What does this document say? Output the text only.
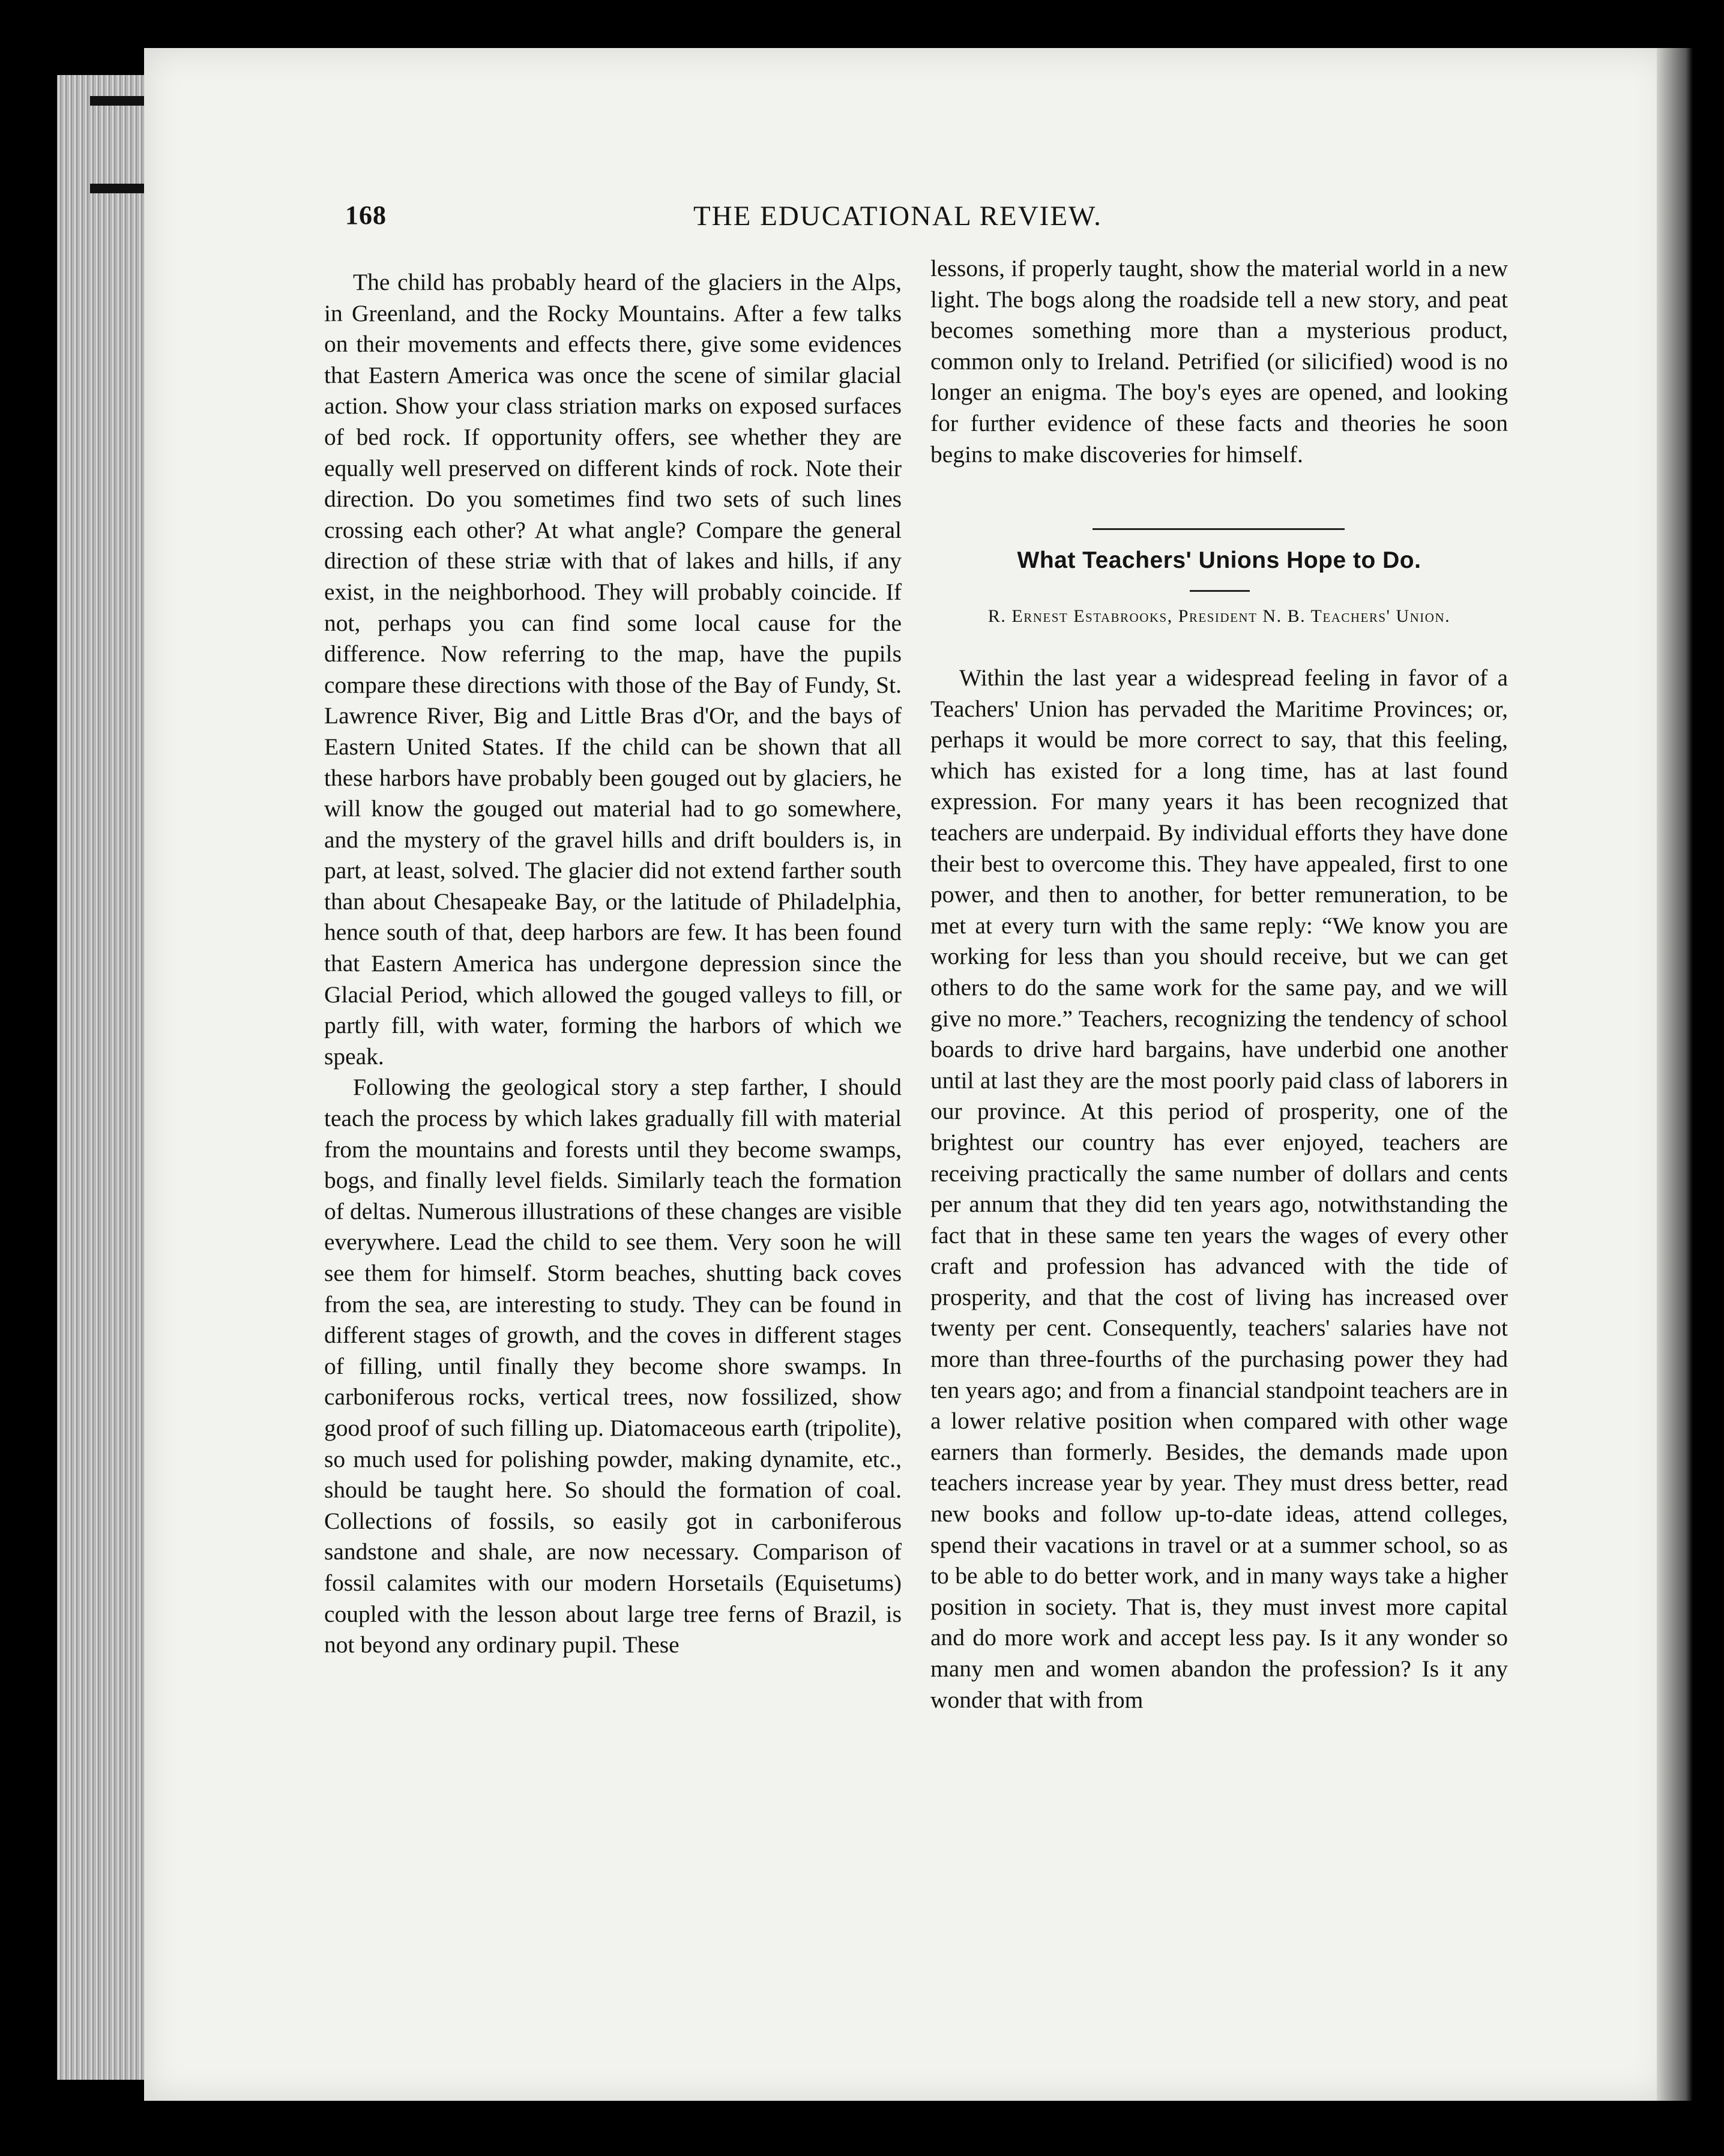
168	THE EDUCATIONAL REVIEW.

The child has probably heard of the glaciers in the Alps, in Greenland, and the Rocky Mountains. After a few talks on their movements and effects there, give some evidences that Eastern America was once the scene of similar glacial action. Show your class striation marks on exposed surfaces of bed rock. If opportunity offers, see whether they are equally well preserved on different kinds of rock. Note their direction. Do you sometimes find two sets of such lines crossing each other? At what angle? Compare the general direction of these striæ with that of lakes and hills, if any exist, in the neighborhood. They will probably coincide. If not, perhaps you can find some local cause for the difference. Now referring to the map, have the pupils compare these directions with those of the Bay of Fundy, St. Lawrence River, Big and Little Bras d'Or, and the bays of Eastern United States. If the child can be shown that all these harbors have probably been gouged out by glaciers, he will know the gouged out material had to go somewhere, and the mystery of the gravel hills and drift boulders is, in part, at least, solved. The glacier did not extend farther south than about Chesapeake Bay, or the latitude of Philadelphia, hence south of that, deep harbors are few. It has been found that Eastern America has undergone depression since the Glacial Period, which allowed the gouged valleys to fill, or partly fill, with water, forming the harbors of which we speak.

Following the geological story a step farther, I should teach the process by which lakes gradually fill with material from the mountains and forests until they become swamps, bogs, and finally level fields. Similarly teach the formation of deltas. Numerous illustrations of these changes are visible everywhere. Lead the child to see them. Very soon he will see them for himself. Storm beaches, shutting back coves from the sea, are interesting to study. They can be found in different stages of growth, and the coves in different stages of filling, until finally they become shore swamps. In carboniferous rocks, vertical trees, now fossilized, show good proof of such filling up. Diatomaceous earth (tripolite), so much used for polishing powder, making dynamite, etc., should be taught here. So should the formation of coal. Collections of fossils, so easily got in carboniferous sandstone and shale, are now necessary. Comparison of fossil calamites with our modern Horsetails (Equisetums) coupled with the lesson about large tree ferns of Brazil, is not beyond any ordinary pupil. These

lessons, if properly taught, show the material world in a new light. The bogs along the roadside tell a new story, and peat becomes something more than a mysterious product, common only to Ireland. Petrified (or silicified) wood is no longer an enigma. The boy's eyes are opened, and looking for further evidence of these facts and theories he soon begins to make discoveries for himself.

What Teachers' Unions Hope to Do.
R. Ernest Estabrooks, President N. B. Teachers' Union.

Within the last year a widespread feeling in favor of a Teachers' Union has pervaded the Maritime Provinces; or, perhaps it would be more correct to say, that this feeling, which has existed for a long time, has at last found expression. For many years it has been recognized that teachers are underpaid. By individual efforts they have done their best to overcome this. They have appealed, first to one power, and then to another, for better remuneration, to be met at every turn with the same reply: “We know you are working for less than you should receive, but we can get others to do the same work for the same pay, and we will give no more.” Teachers, recognizing the tendency of school boards to drive hard bargains, have underbid one another until at last they are the most poorly paid class of laborers in our province. At this period of prosperity, one of the brightest our country has ever enjoyed, teachers are receiving practically the same number of dollars and cents per annum that they did ten years ago, notwithstanding the fact that in these same ten years the wages of every other craft and profession has advanced with the tide of prosperity, and that the cost of living has increased over twenty per cent. Consequently, teachers' salaries have not more than three-fourths of the purchasing power they had ten years ago; and from a financial standpoint teachers are in a lower relative position when compared with other wage earners than formerly. Besides, the demands made upon teachers increase year by year. They must dress better, read new books and follow up-to-date ideas, attend colleges, spend their vacations in travel or at a summer school, so as to be able to do better work, and in many ways take a higher position in society. That is, they must invest more capital and do more work and accept less pay. Is it any wonder so many men and women abandon the profession? Is it any wonder that with from
